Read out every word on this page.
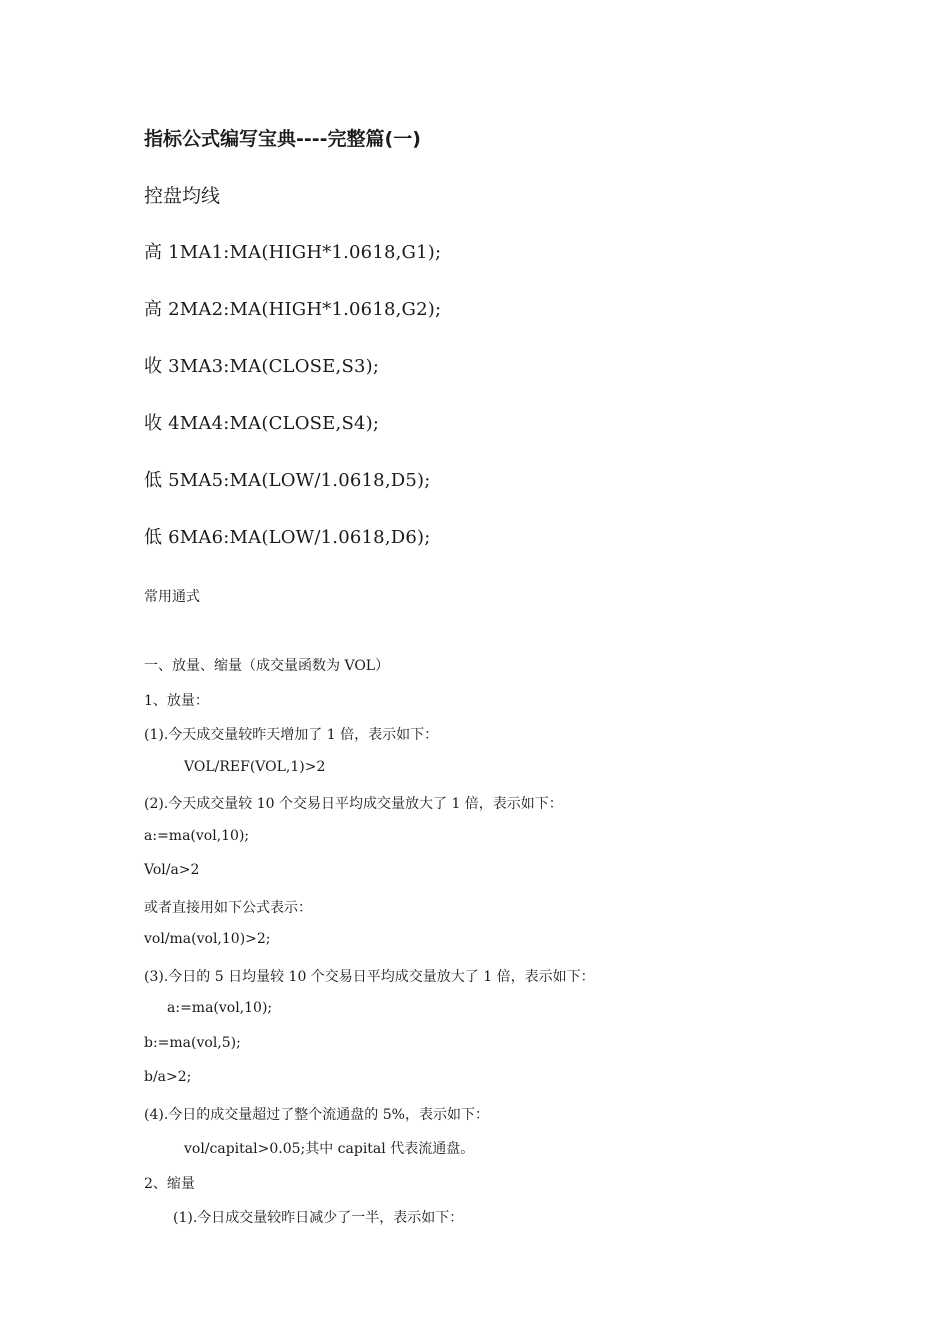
指标公式编写宝典----完整篇(一)
控盘均线
高 1MA1:MA(HIGH*1.0618,G1);
高 2MA2:MA(HIGH*1.0618,G2);
收 3MA3:MA(CLOSE,S3);
收 4MA4:MA(CLOSE,S4);
低 5MA5:MA(LOW/1.0618,D5);
低 6MA6:MA(LOW/1.0618,D6);
常用通式
一、放量、缩量（成交量函数为 VOL）
1、放量：
(1).今天成交量较昨天增加了 1 倍，表示如下：
VOL/REF(VOL,1)>2
(2).今天成交量较 10 个交易日平均成交量放大了 1 倍，表示如下：
a:=ma(vol,10);
Vol/a>2
或者直接用如下公式表示：
vol/ma(vol,10)>2;
(3).今日的 5 日均量较 10 个交易日平均成交量放大了 1 倍，表示如下：
a:=ma(vol,10);
b:=ma(vol,5);
b/a>2;
(4).今日的成交量超过了整个流通盘的 5%，表示如下：
vol/capital>0.05;其中 capital 代表流通盘。
2、缩量
(1).今日成交量较昨日减少了一半，表示如下：
